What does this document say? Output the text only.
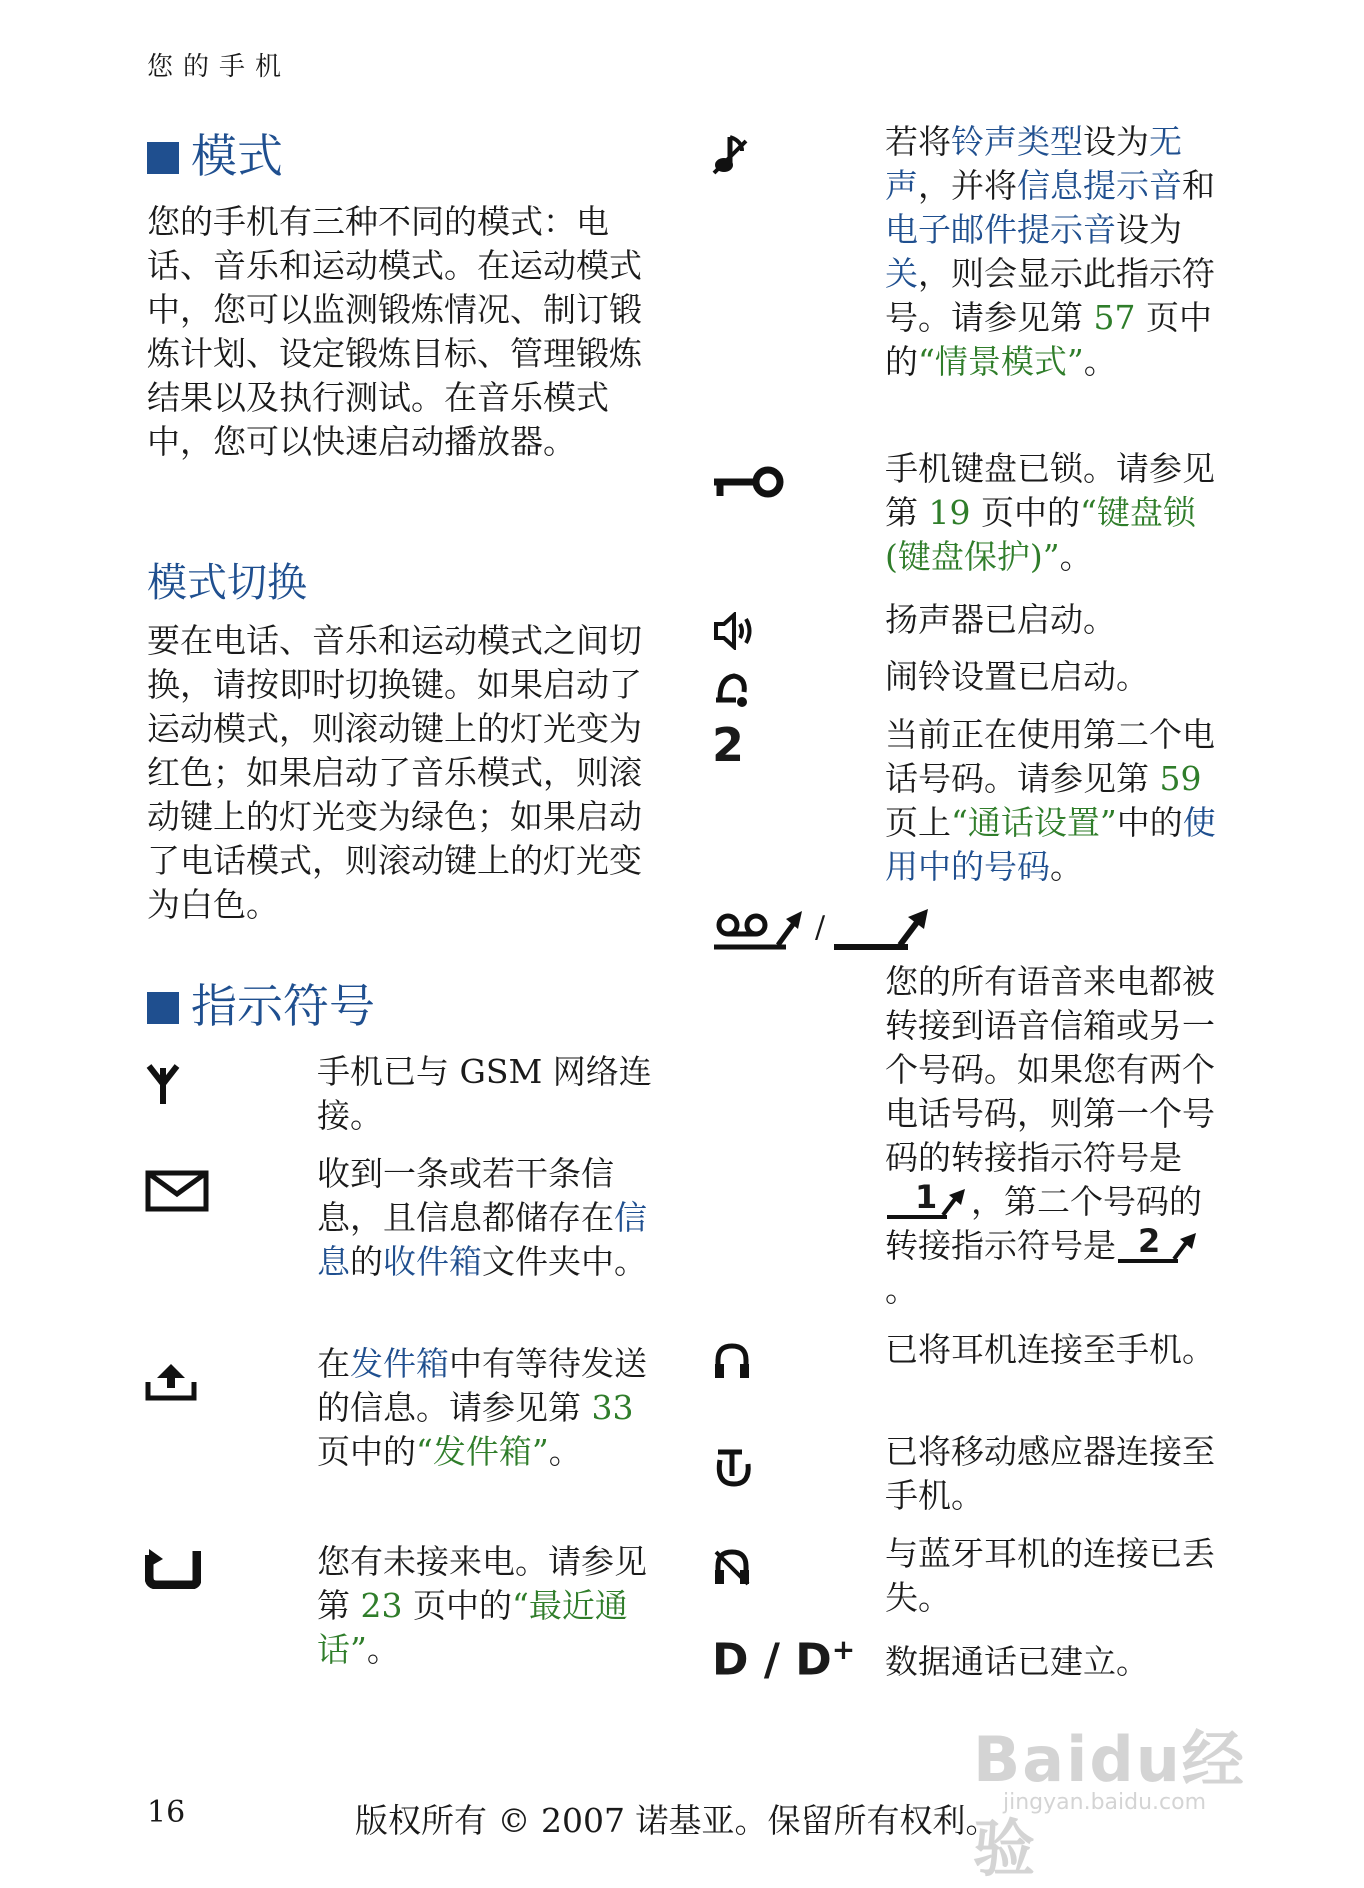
您的手机
模式

您的手机有三种不同的模式：电话、音乐和运动模式。在运动模式中，您可以监测锻炼情况、制订锻炼计划、设定锻炼目标、管理锻炼结果以及执行测试。在音乐模式中，您可以快速启动播放器。

模式切换

要在电话、音乐和运动模式之间切换，请按即时切换键。如果启动了运动模式，则滚动键上的灯光变为红色；如果启动了音乐模式，则滚动键上的灯光变为绿色；如果启动了电话模式，则滚动键上的灯光变为白色。

指示符号

手机已与 GSM 网络连接。

收到一条或若干条信息，且信息都储存在信息的收件箱文件夹中。

在发件箱中有等待发送的信息。请参见第 33 页中的“发件箱”。

您有未接来电。请参见第 23 页中的“最近通话”。

若将铃声类型设为无声，并将信息提示音和电子邮件提示音设为关，则会显示此指示符号。请参见第 57 页中的“情景模式”。

手机键盘已锁。请参见第 19 页中的“键盘锁 (键盘保护)”。

扬声器已启动。

闹铃设置已启动。

2	当前正在使用第二个电话号码。请参见第 59 页上“通话设置”中的使用中的号码。

/

您的所有语音来电都被转接到语音信箱或另一个号码。如果您有两个电话号码，则第一个号码的转接指示符号是
1 ，第二个号码的转接指示符号是 2
。

已将耳机连接至手机。

已将移动感应器连接至手机。

与蓝牙耳机的连接已丢失。

D / D+ 数据通话已建立。

Baidu经验
jingyan.baidu.com
16	版权所有 © 2007 诺基亚。保留所有权利。
